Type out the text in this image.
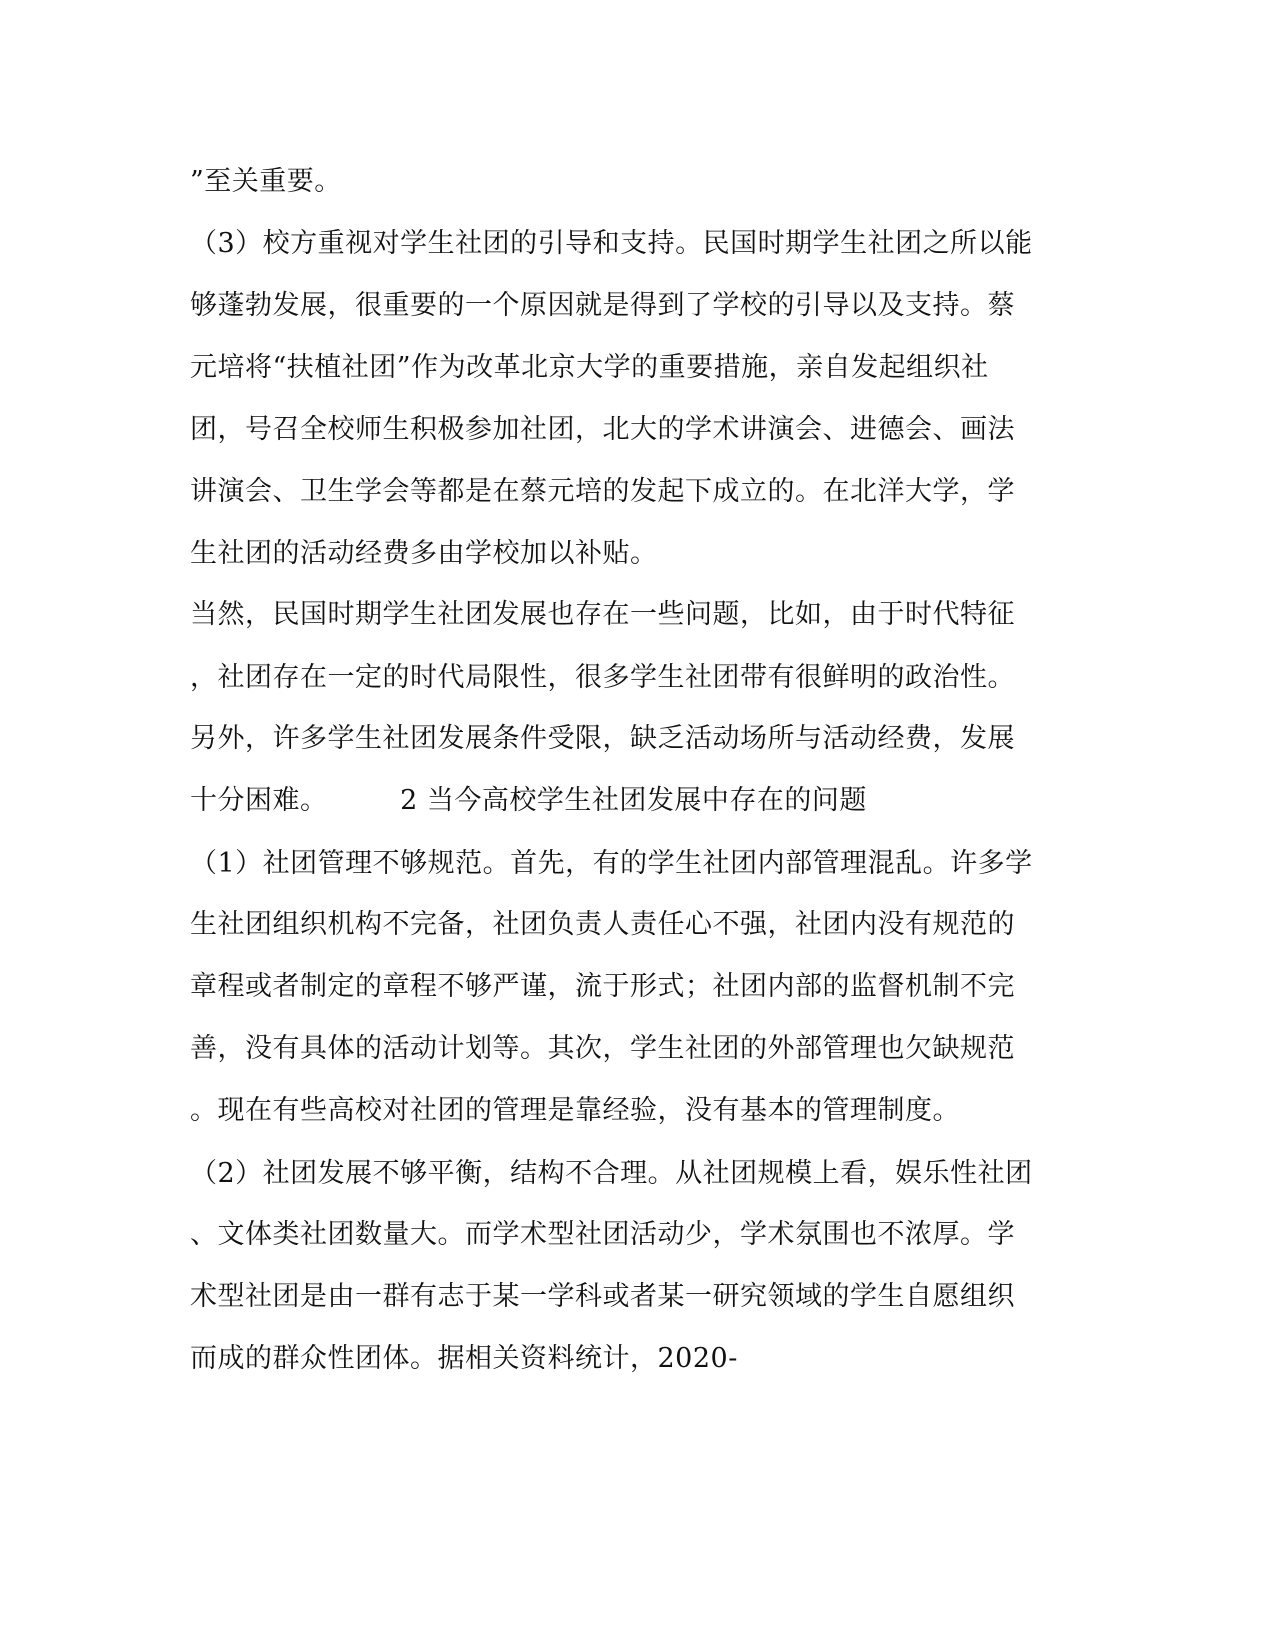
”至关重要。
（3）校方重视对学生社团的引导和支持。民国时期学生社团之所以能
够蓬勃发展，很重要的一个原因就是得到了学校的引导以及支持。蔡
元培将“扶植社团”作为改革北京大学的重要措施，亲自发起组织社
团，号召全校师生积极参加社团，北大的学术讲演会、进德会、画法
讲演会、卫生学会等都是在蔡元培的发起下成立的。在北洋大学，学
生社团的活动经费多由学校加以补贴。
当然，民国时期学生社团发展也存在一些问题，比如，由于时代特征
，社团存在一定的时代局限性，很多学生社团带有很鲜明的政治性。
另外，许多学生社团发展条件受限，缺乏活动场所与活动经费，发展
十分困难。        2 当今高校学生社团发展中存在的问题
（1）社团管理不够规范。首先，有的学生社团内部管理混乱。许多学
生社团组织机构不完备，社团负责人责任心不强，社团内没有规范的
章程或者制定的章程不够严谨，流于形式；社团内部的监督机制不完
善，没有具体的活动计划等。其次，学生社团的外部管理也欠缺规范
。现在有些高校对社团的管理是靠经验，没有基本的管理制度。
（2）社团发展不够平衡，结构不合理。从社团规模上看，娱乐性社团
、文体类社团数量大。而学术型社团活动少，学术氛围也不浓厚。学
术型社团是由一群有志于某一学科或者某一研究领域的学生自愿组织
而成的群众性团体。据相关资料统计，2020-
